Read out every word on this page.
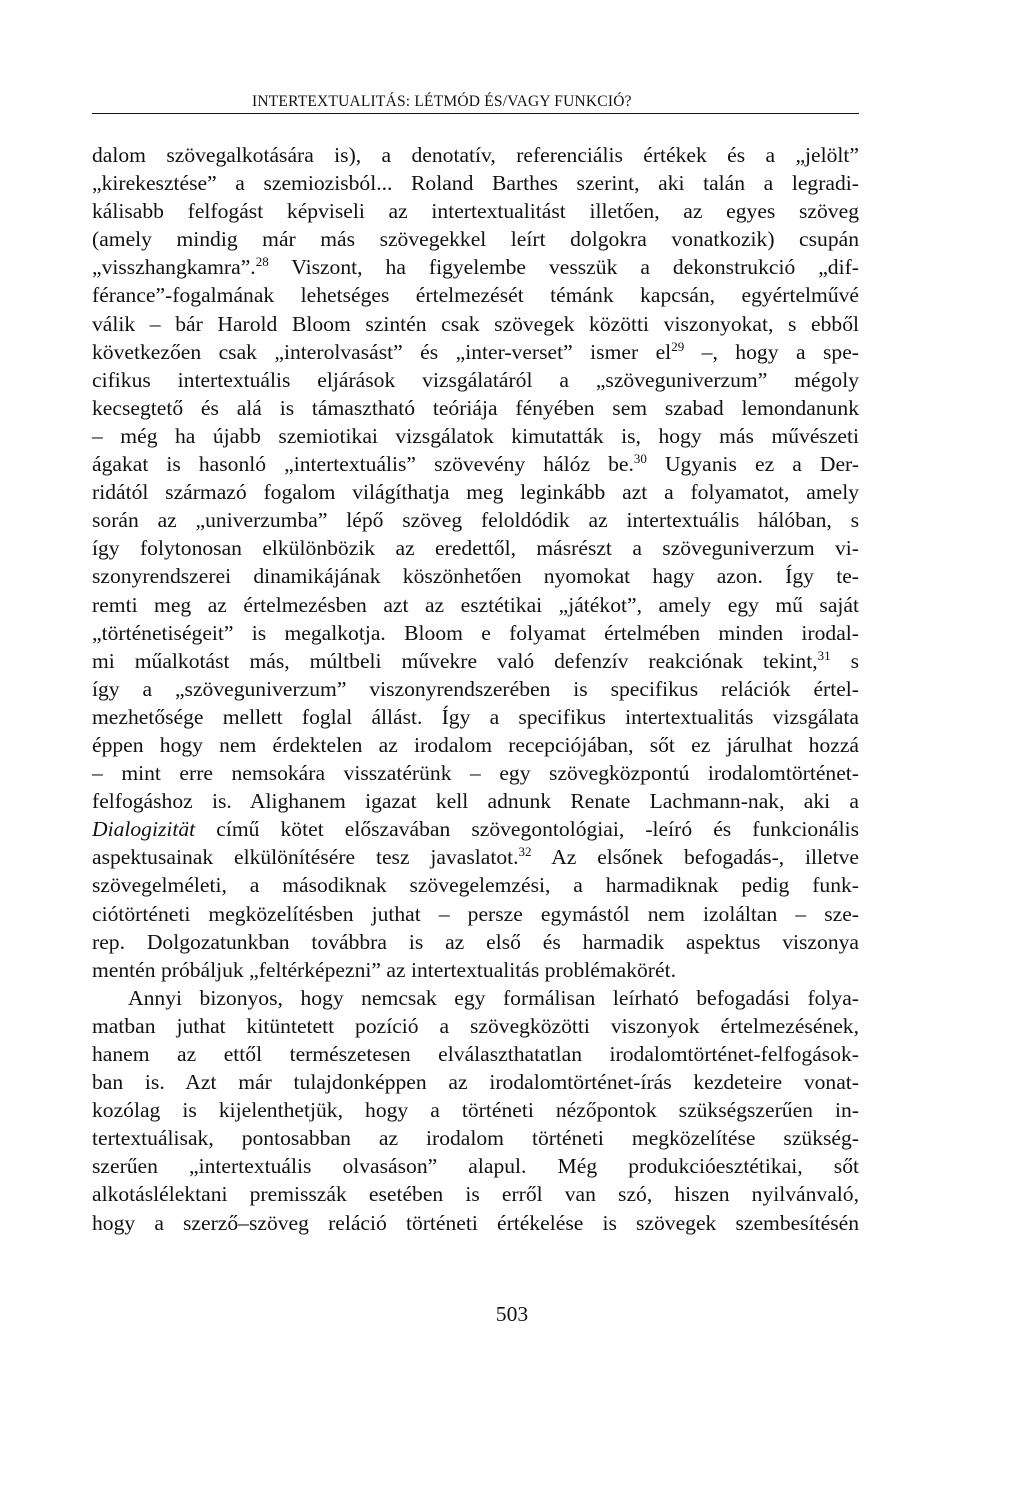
INTERTEXTUALITÁS: LÉTMÓD ÉS/VAGY FUNKCIÓ?
dalom szövegalkotására is), a denotatív, referenciális értékek és a „jelölt”
„kirekesztése” a szemiozisból... Roland Barthes szerint, aki talán a legradi-
kálisabb felfogást képviseli az intertextualitást illetően, az egyes szöveg
(amely mindig már más szövegekkel leírt dolgokra vonatkozik) csupán
„visszhangkamra”.$^{28}$ Viszont, ha figyelembe vesszük a dekonstrukció „dif-
férance”-fogalmának lehetséges értelmezését témánk kapcsán, egyértelművé
válik – bár Harold Bloom szintén csak szövegek közötti viszonyokat, s ebből
következően csak „interolvasást” és „inter-verset” ismer $el^{29}$ –, hogy a spe-
cifikus intertextuális eljárások vizsgálatáról a „szöveguniverzum” mégoly
kecsegtető és alá is támasztható teóriája fényében sem szabad lemondanunk
– még ha újabb szemiotikai vizsgálatok kimutatták is, hogy más művészeti
ágakat is hasonló „intertextuális” szövevény hálóz be.$^{30}$ Ugyanis ez a Der-
ridától származó fogalom világíthatja meg leginkább azt a folyamatot, amely
során az „univerzumba” lépő szöveg feloldódik az intertextuális hálóban, s
így folytonosan elkülönbözik az eredettől, másrészt a szöveguniverzum vi-
szonyrendszerei dinamikájának köszönhetően nyomokat hagy azon. Így te-
remti meg az értelmezésben azt az esztétikai „játékot”, amely egy mű saját
„történetiségeit” is megalkotja. Bloom e folyamat értelmében minden irodal-
mi műalkotást más, múltbeli művekre való defenzív reakciónak tekint,$^{31}$ s
így a „szöveguniverzum” viszonyrendszerében is specifikus relációk értel-
mezhetősége mellett foglal állást. Így a specifikus intertextualitás vizsgálata
éppen hogy nem érdektelen az irodalom recepciójában, sőt ez járulhat hozzá
– mint erre nemsokára visszatérünk – egy szövegközpontú irodalomtörténet-
felfogáshoz is. Alighanem igazat kell adnunk Renate Lachmann-nak, aki a
Dialogizität című kötet előszavában szövegontológiai, -leíró és funkcionális
aspektusainak elkülönítésére tesz javaslatot.$^{32}$ Az elsőnek befogadás-, illetve
szövegelméleti, a másodiknak szövegelemzési, a harmadiknak pedig funk-
ciótörténeti megközelítésben juthat – persze egymástól nem izoláltan – sze-
rep. Dolgozatunkban továbbra is az első és harmadik aspektus viszonya
mentén próbáljuk „feltérképezni” az intertextualitás problémakörét.
Annyi bizonyos, hogy nemcsak egy formálisan leírható befogadási folya-
matban juthat kitüntetett pozíció a szövegközötti viszonyok értelmezésének,
hanem az ettől természetesen elválaszthatatlan irodalomtörténet-felfogások-
ban is. Azt már tulajdonképpen az irodalomtörténet-írás kezdeteire vonat-
kozólag is kijelenthetjük, hogy a történeti nézőpontok szükségszerűen in-
tertextuálisak, pontosabban az irodalom történeti megközelítése szükség-
szerűen „intertextuális olvasáson” alapul. Még produkcióesztétikai, sőt
alkotáslélektani premisszák esetében is erről van szó, hiszen nyilvánvaló,
hogy a szerző–szöveg reláció történeti értékelése is szövegek szembesítésén
503
